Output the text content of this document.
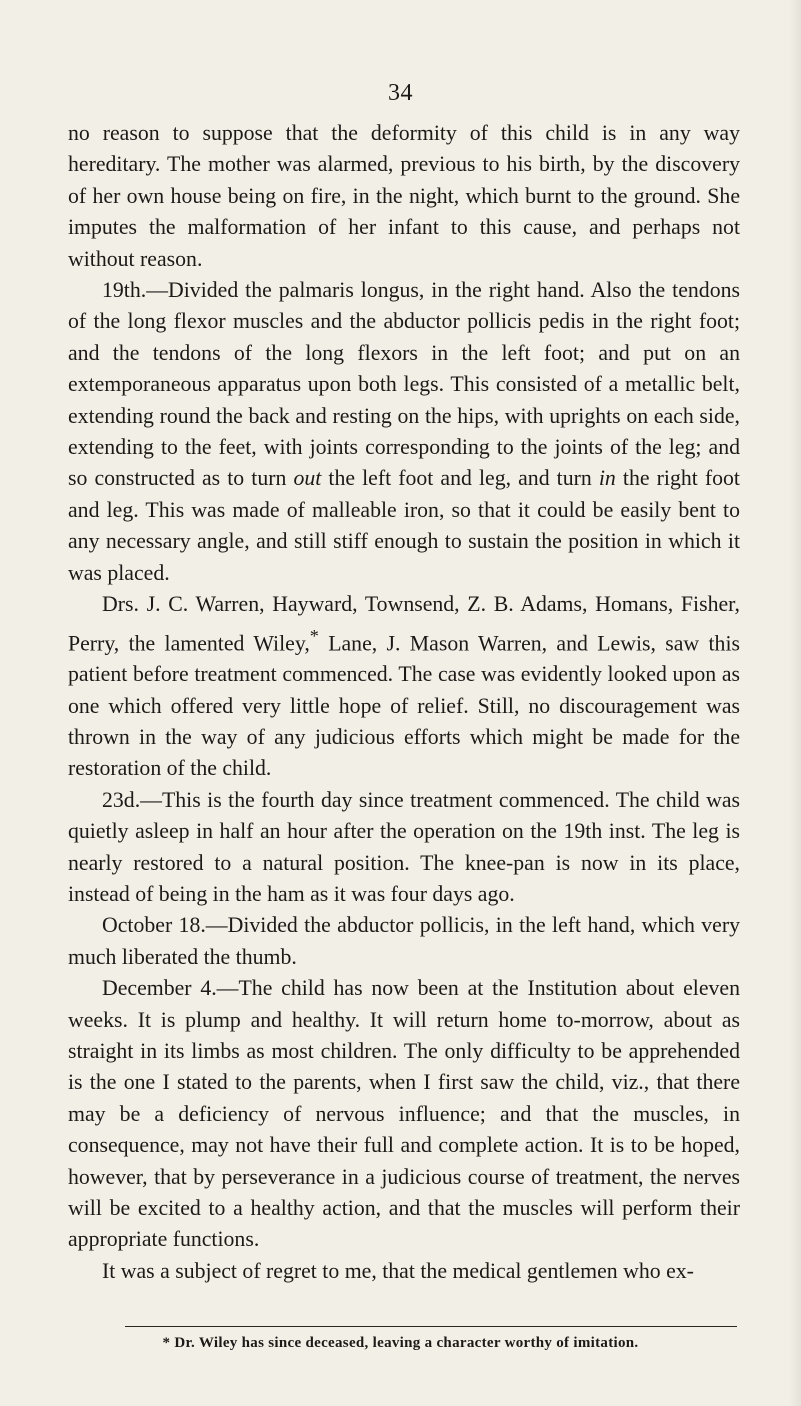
34

no reason to suppose that the deformity of this child is in any way hereditary. The mother was alarmed, previous to his birth, by the discovery of her own house being on fire, in the night, which burnt to the ground. She imputes the malformation of her infant to this cause, and perhaps not without reason.

19th.—Divided the palmaris longus, in the right hand. Also the tendons of the long flexor muscles and the abductor pollicis pedis in the right foot; and the tendons of the long flexors in the left foot; and put on an extemporaneous apparatus upon both legs. This consisted of a metallic belt, extending round the back and resting on the hips, with uprights on each side, extending to the feet, with joints corresponding to the joints of the leg; and so constructed as to turn out the left foot and leg, and turn in the right foot and leg. This was made of malleable iron, so that it could be easily bent to any necessary angle, and still stiff enough to sustain the position in which it was placed.

Drs. J. C. Warren, Hayward, Townsend, Z. B. Adams, Homans, Fisher, Perry, the lamented Wiley,* Lane, J. Mason Warren, and Lewis, saw this patient before treatment commenced. The case was evidently looked upon as one which offered very little hope of relief. Still, no discouragement was thrown in the way of any judicious efforts which might be made for the restoration of the child.

23d.—This is the fourth day since treatment commenced. The child was quietly asleep in half an hour after the operation on the 19th inst. The leg is nearly restored to a natural position. The knee-pan is now in its place, instead of being in the ham as it was four days ago.

October 18.—Divided the abductor pollicis, in the left hand, which very much liberated the thumb.

December 4.—The child has now been at the Institution about eleven weeks. It is plump and healthy. It will return home to-morrow, about as straight in its limbs as most children. The only difficulty to be apprehended is the one I stated to the parents, when I first saw the child, viz., that there may be a deficiency of nervous influence; and that the muscles, in consequence, may not have their full and complete action. It is to be hoped, however, that by perseverance in a judicious course of treatment, the nerves will be excited to a healthy action, and that the muscles will perform their appropriate functions.

It was a subject of regret to me, that the medical gentlemen who ex-

* Dr. Wiley has since deceased, leaving a character worthy of imitation.
